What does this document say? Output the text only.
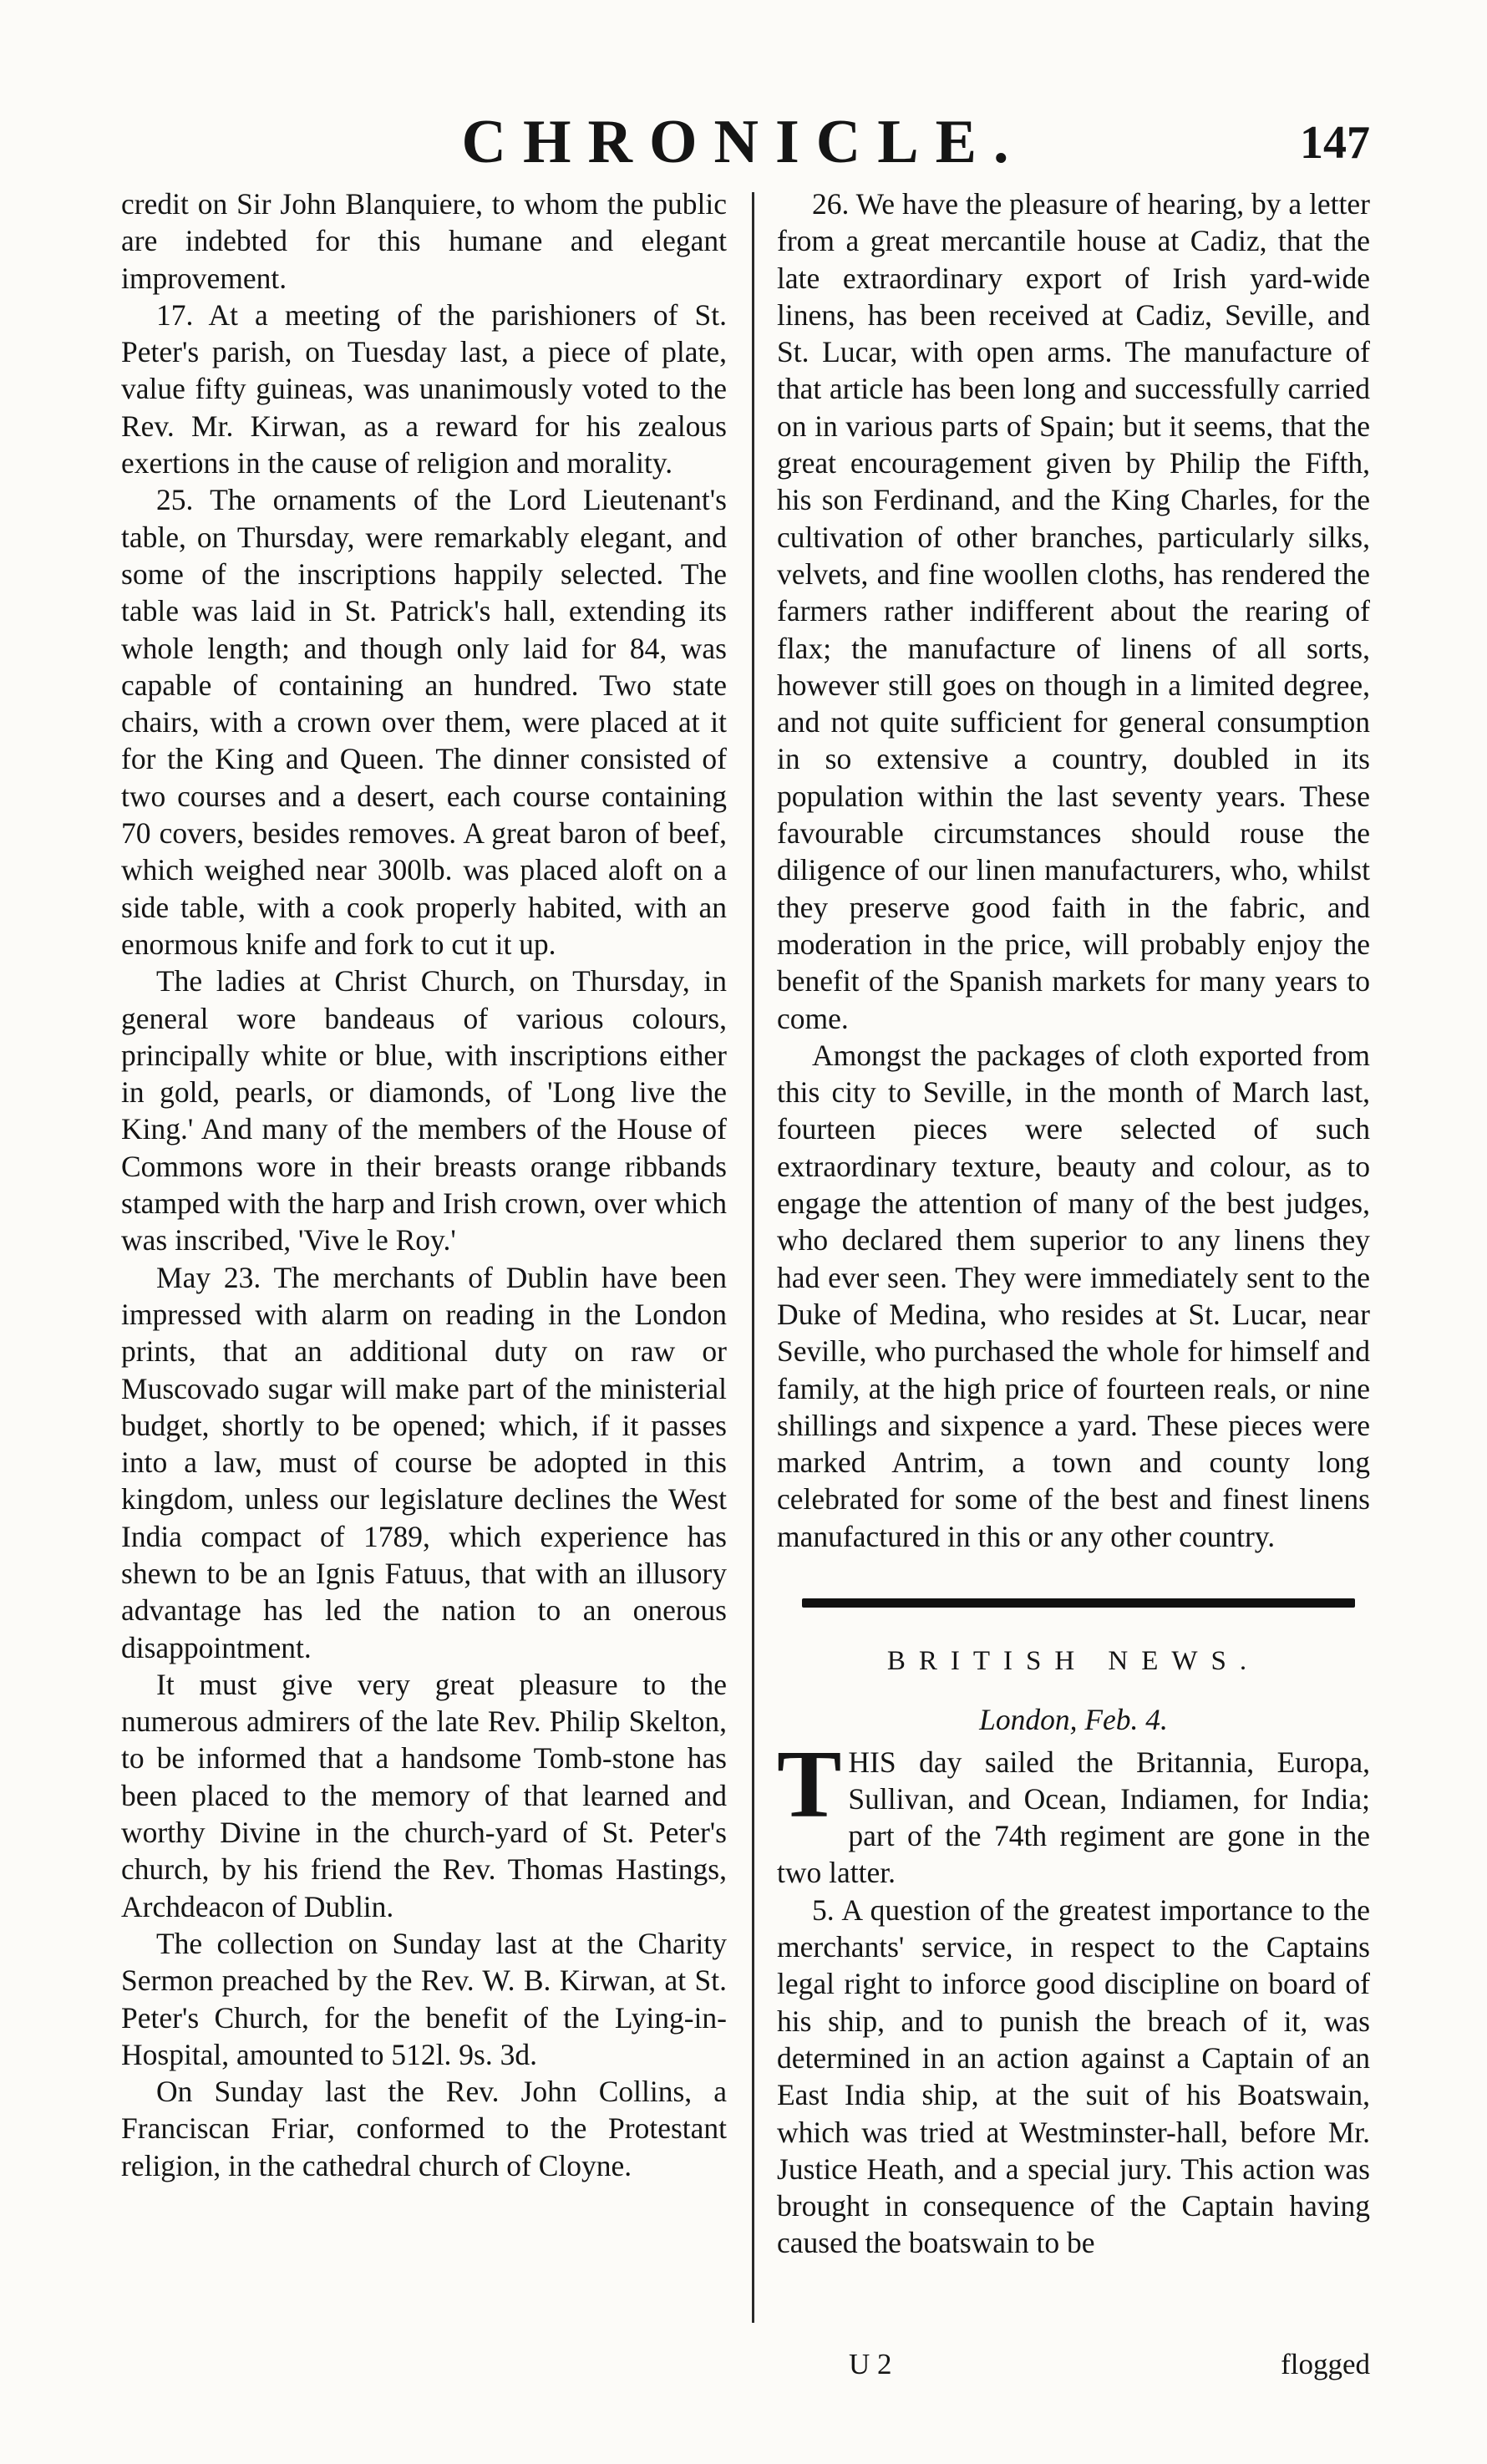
CHRONICLE.	147

credit on Sir John Blanquiere, to whom the public are indebted for this humane and elegant improvement.

17. At a meeting of the parishioners of St. Peter's parish, on Tuesday last, a piece of plate, value fifty guineas, was unanimously voted to the Rev. Mr. Kirwan, as a reward for his zealous exertions in the cause of religion and morality.

25. The ornaments of the Lord Lieutenant's table, on Thursday, were remarkably elegant, and some of the inscriptions happily selected. The table was laid in St. Patrick's hall, extending its whole length; and though only laid for 84, was capable of containing an hundred. Two state chairs, with a crown over them, were placed at it for the King and Queen. The dinner consisted of two courses and a desert, each course containing 70 covers, besides removes. A great baron of beef, which weighed near 300lb. was placed aloft on a side table, with a cook properly habited, with an enormous knife and fork to cut it up.

The ladies at Christ Church, on Thursday, in general wore bandeaus of various colours, principally white or blue, with inscriptions either in gold, pearls, or diamonds, of 'Long live the King.' And many of the members of the House of Commons wore in their breasts orange ribbands stamped with the harp and Irish crown, over which was inscribed, 'Vive le Roy.'

May 23. The merchants of Dublin have been impressed with alarm on reading in the London prints, that an additional duty on raw or Muscovado sugar will make part of the ministerial budget, shortly to be opened; which, if it passes into a law, must of course be adopted in this kingdom, unless our legislature declines the West India compact of 1789, which experience has shewn to be an Ignis Fatuus, that with an illusory advantage has led the nation to an onerous disappointment.

It must give very great pleasure to the numerous admirers of the late Rev. Philip Skelton, to be informed that a handsome Tomb-stone has been placed to the memory of that learned and worthy Divine in the church-yard of St. Peter's church, by his friend the Rev. Thomas Hastings, Archdeacon of Dublin.

The collection on Sunday last at the Charity Sermon preached by the Rev. W. B. Kirwan, at St. Peter's Church, for the benefit of the Lying-in-Hospital, amounted to 512l. 9s. 3d.

On Sunday last the Rev. John Collins, a Franciscan Friar, conformed to the Protestant religion, in the cathedral church of Cloyne.

26. We have the pleasure of hearing, by a letter from a great mercantile house at Cadiz, that the late extraordinary export of Irish yard-wide linens, has been received at Cadiz, Seville, and St. Lucar, with open arms. The manufacture of that article has been long and successfully carried on in various parts of Spain; but it seems, that the great encouragement given by Philip the Fifth, his son Ferdinand, and the King Charles, for the cultivation of other branches, particularly silks, velvets, and fine woollen cloths, has rendered the farmers rather indifferent about the rearing of flax; the manufacture of linens of all sorts, however still goes on though in a limited degree, and not quite sufficient for general consumption in so extensive a country, doubled in its population within the last seventy years. These favourable circumstances should rouse the diligence of our linen manufacturers, who, whilst they preserve good faith in the fabric, and moderation in the price, will probably enjoy the benefit of the Spanish markets for many years to come.

Amongst the packages of cloth exported from this city to Seville, in the month of March last, fourteen pieces were selected of such extraordinary texture, beauty and colour, as to engage the attention of many of the best judges, who declared them superior to any linens they had ever seen. They were immediately sent to the Duke of Medina, who resides at St. Lucar, near Seville, who purchased the whole for himself and family, at the high price of fourteen reals, or nine shillings and sixpence a yard. These pieces were marked Antrim, a town and county long celebrated for some of the best and finest linens manufactured in this or any other country.

BRITISH NEWS.
London, Feb. 4.

THIS day sailed the Britannia, Europa, Sullivan, and Ocean, Indiamen, for India; part of the 74th regiment are gone in the two latter.

5. A question of the greatest importance to the merchants' service, in respect to the Captains legal right to inforce good discipline on board of his ship, and to punish the breach of it, was determined in an action against a Captain of an East India ship, at the suit of his Boatswain, which was tried at Westminster-hall, before Mr. Justice Heath, and a special jury. This action was brought in consequence of the Captain having caused the boatswain to be

U 2	flogged
